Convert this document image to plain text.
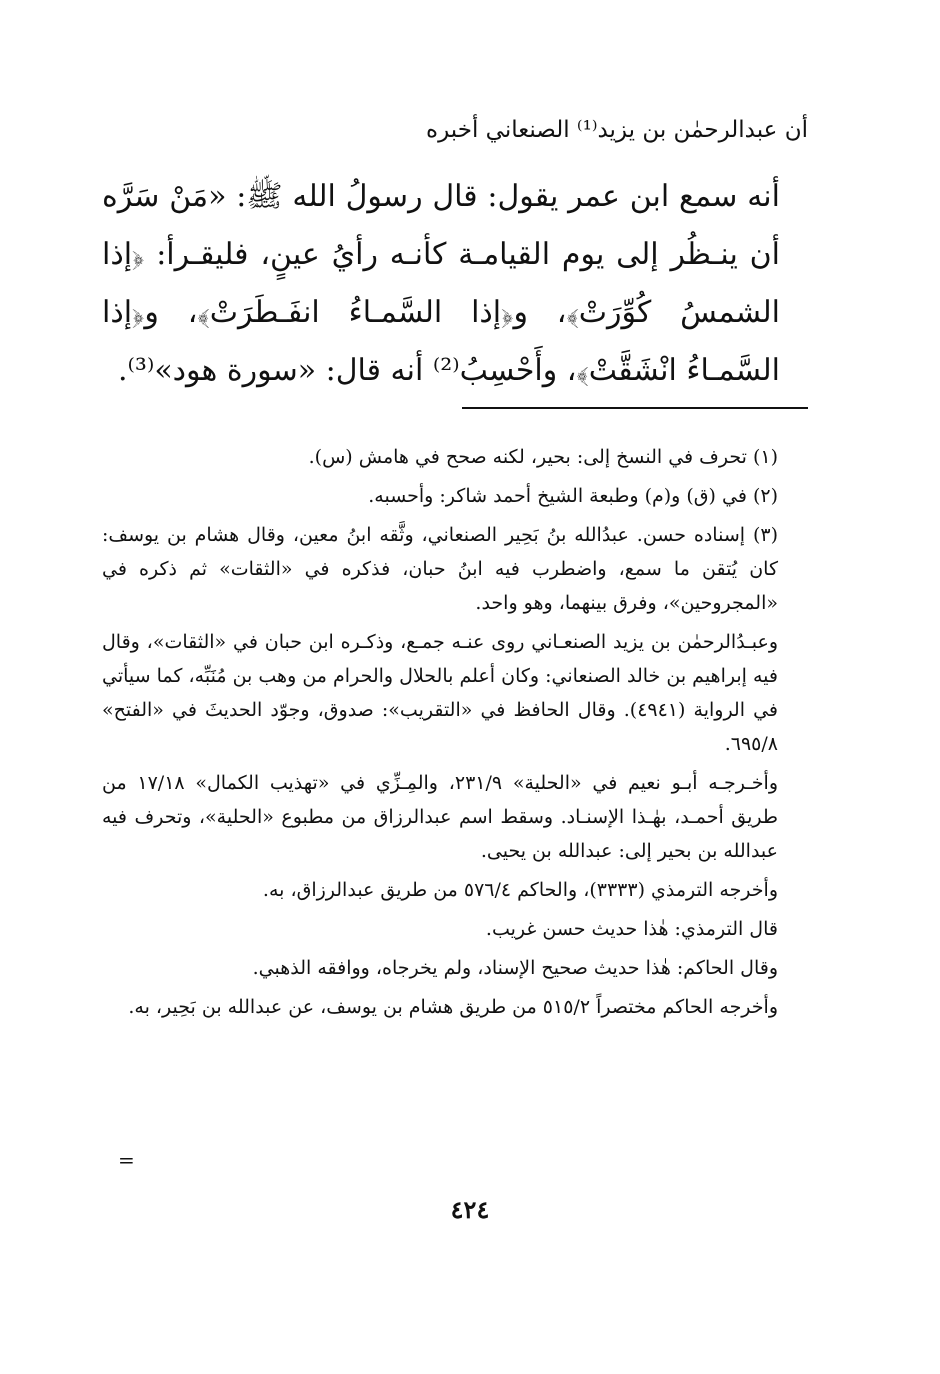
أن عبدالرحمٰن بن يزيد⁽¹⁾ الصنعاني أخبره

أنه سمع ابن عمر يقول: قال رسولُ الله ﷺ: «مَنْ سَرَّه أن ينـظُر إلى يوم القيامـة كأنـه رأيُ عينٍ، فليقـرأ: ﴿إذا الشمسُ كُوِّرَتْ﴾، و﴿إذا السَّمـاءُ انفَـطَرَتْ﴾، و﴿إذا السَّمـاءُ انْشَقَّتْ﴾، وأَحْسِبُ⁽²⁾ أنه قال: «سورة هود»⁽³⁾.

(١) تحرف في النسخ إلى: بحير، لكنه صحح في هامش (س).

(٢) في (ق) و(م) وطبعة الشيخ أحمد شاكر: وأحسبه.

(٣) إسناده حسن. عبدُالله بنُ بَحِير الصنعاني، وثَّقه ابنُ معين، وقال هشام بن يوسف: كان يُتقن ما سمع، واضطرب فيه ابنُ حبان، فذكره في «الثقات» ثم ذكره في «المجروحين»، وفرق بينهما، وهو واحد.

وعبـدُالرحمٰن بن يزيد الصنعـاني روى عنـه جمـع، وذكـره ابن حبان في «الثقات»، وقال فيه إبراهيم بن خالد الصنعاني: وكان أعلم بالحلال والحرام من وهب بن مُنَبِّه، كما سيأتي في الرواية (٤٩٤١). وقال الحافظ في «التقريب»: صدوق، وجوّد الحديثَ في «الفتح» ٦٩٥/٨.

وأخـرجـه أبـو نعيم في «الحلية» ٢٣١/٩، والمِـزِّي في «تهذيب الكمال» ١٧/١٨ من طريق أحمـد، بهٰـذا الإسنـاد. وسقط اسم عبدالرزاق من مطبوع «الحلية»، وتحرف فيه عبدالله بن بحير إلى: عبدالله بن يحيى.

وأخرجه الترمذي (٣٣٣٣)، والحاكم ٥٧٦/٤ من طريق عبدالرزاق، به.

قال الترمذي: هٰذا حديث حسن غريب.

وقال الحاكم: هٰذا حديث صحيح الإسناد، ولم يخرجاه، ووافقه الذهبي.

وأخرجه الحاكم مختصراً ٥١٥/٢ من طريق هشام بن يوسف، عن عبدالله بن بَحِير، به.

=
٤٢٤
